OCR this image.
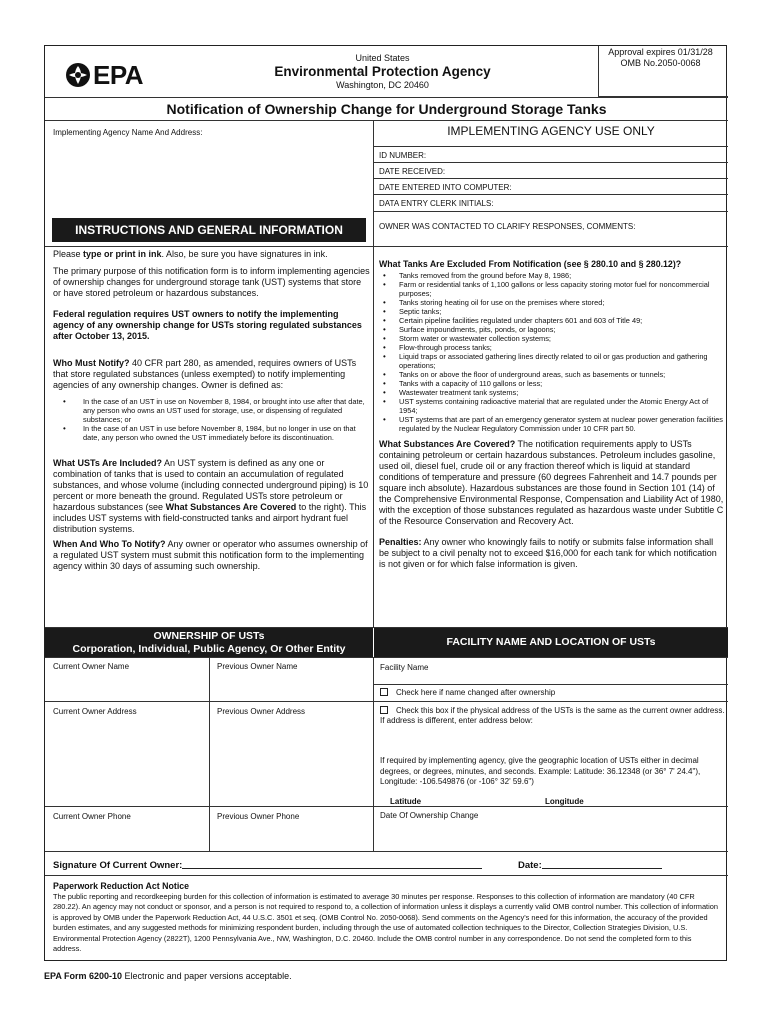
EPA
United States
Environmental Protection Agency
Washington, DC 20460
Approval expires 01/31/28
OMB No.2050-0068
Notification of Ownership Change for Underground Storage Tanks
Implementing Agency Name And Address:	IMPLEMENTING AGENCY USE ONLY
ID NUMBER:
DATE RECEIVED:
DATE ENTERED INTO COMPUTER:
DATA ENTRY CLERK INITIALS:
OWNER WAS CONTACTED TO CLARIFY RESPONSES, COMMENTS:
INSTRUCTIONS AND GENERAL INFORMATION
Please type or print in ink. Also, be sure you have signatures in ink.
The primary purpose of this notification form is to inform implementing agencies of ownership changes for underground storage tank (UST) systems that store or have stored petroleum or hazardous substances.
Federal regulation requires UST owners to notify the implementing agency of any ownership change for USTs storing regulated substances after October 13, 2015.
Who Must Notify? 40 CFR part 280, as amended, requires owners of USTs that store regulated substances (unless exempted) to notify implementing agencies of any ownership changes. Owner is defined as:
• In the case of an UST in use on November 8, 1984, or brought into use after that date, any person who owns an UST used for storage, use, or dispensing of regulated substances; or
• In the case of an UST in use before November 8, 1984, but no longer in use on that date, any person who owned the UST immediately before its discontinuation.
What USTs Are Included? An UST system is defined as any one or combination of tanks that is used to contain an accumulation of regulated substances, and whose volume (including connected underground piping) is 10 percent or more beneath the ground. Regulated USTs store petroleum or hazardous substances (see What Substances Are Covered to the right). This includes UST systems with field-constructed tanks and airport hydrant fuel distribution systems.
When And Who To Notify? Any owner or operator who assumes ownership of a regulated UST system must submit this notification form to the implementing agency within 30 days of assuming such ownership.
What Tanks Are Excluded From Notification (see § 280.10 and § 280.12)?
• Tanks removed from the ground before May 8, 1986;
• Farm or residential tanks of 1,100 gallons or less capacity storing motor fuel for noncommercial purposes;
• Tanks storing heating oil for use on the premises where stored;
• Septic tanks;
• Certain pipeline facilities regulated under chapters 601 and 603 of Title 49;
• Surface impoundments, pits, ponds, or lagoons;
• Storm water or wastewater collection systems;
• Flow-through process tanks;
• Liquid traps or associated gathering lines directly related to oil or gas production and gathering operations;
• Tanks on or above the floor of underground areas, such as basements or tunnels;
• Tanks with a capacity of 110 gallons or less;
• Wastewater treatment tank systems;
• UST systems containing radioactive material that are regulated under the Atomic Energy Act of 1954;
• UST systems that are part of an emergency generator system at nuclear power generation facilities regulated by the Nuclear Regulatory Commission under 10 CFR part 50.
What Substances Are Covered? The notification requirements apply to USTs containing petroleum or certain hazardous substances. Petroleum includes gasoline, used oil, diesel fuel, crude oil or any fraction thereof which is liquid at standard conditions of temperature and pressure (60 degrees Fahrenheit and 14.7 pounds per square inch absolute). Hazardous substances are those found in Section 101 (14) of the Comprehensive Environmental Response, Compensation and Liability Act of 1980, with the exception of those substances regulated as hazardous waste under Subtitle C of the Resource Conservation and Recovery Act.
Penalties: Any owner who knowingly fails to notify or submits false information shall be subject to a civil penalty not to exceed $16,000 for each tank for which notification is not given or for which false information is given.
OWNERSHIP OF USTs
Corporation, Individual, Public Agency, Or Other Entity
FACILITY NAME AND LOCATION OF USTs
Current Owner Name	Previous Owner Name	Facility Name
Check here if name changed after ownership
Current Owner Address	Previous Owner Address	Check this box if the physical address of the USTs is the same as the current owner address. If address is different, enter address below:
If required by implementing agency, give the geographic location of USTs either in decimal degrees, or degrees, minutes, and seconds. Example: Latitude: 36.12348 (or 36° 7' 24.4"), Longitude: -106.549876 (or -106° 32' 59.6")
Latitude	Longitude
Current Owner Phone	Previous Owner Phone	Date Of Ownership Change
Signature Of Current Owner:	Date:
Paperwork Reduction Act Notice
The public reporting and recordkeeping burden for this collection of information is estimated to average 30 minutes per response. Responses to this collection of information are mandatory (40 CFR 280.22). An agency may not conduct or sponsor, and a person is not required to respond to, a collection of information unless it displays a currently valid OMB control number. This collection of information is approved by OMB under the Paperwork Reduction Act, 44 U.S.C. 3501 et seq. (OMB Control No. 2050-0068). Send comments on the Agency's need for this information, the accuracy of the provided burden estimates, and any suggested methods for minimizing respondent burden, including through the use of automated collection techniques to the Director, Collection Strategies Division, U.S. Environmental Protection Agency (2822T), 1200 Pennsylvania Ave., NW, Washington, D.C. 20460. Include the OMB control number in any correspondence. Do not send the completed form to this address.
EPA Form 6200-10 Electronic and paper versions acceptable.
